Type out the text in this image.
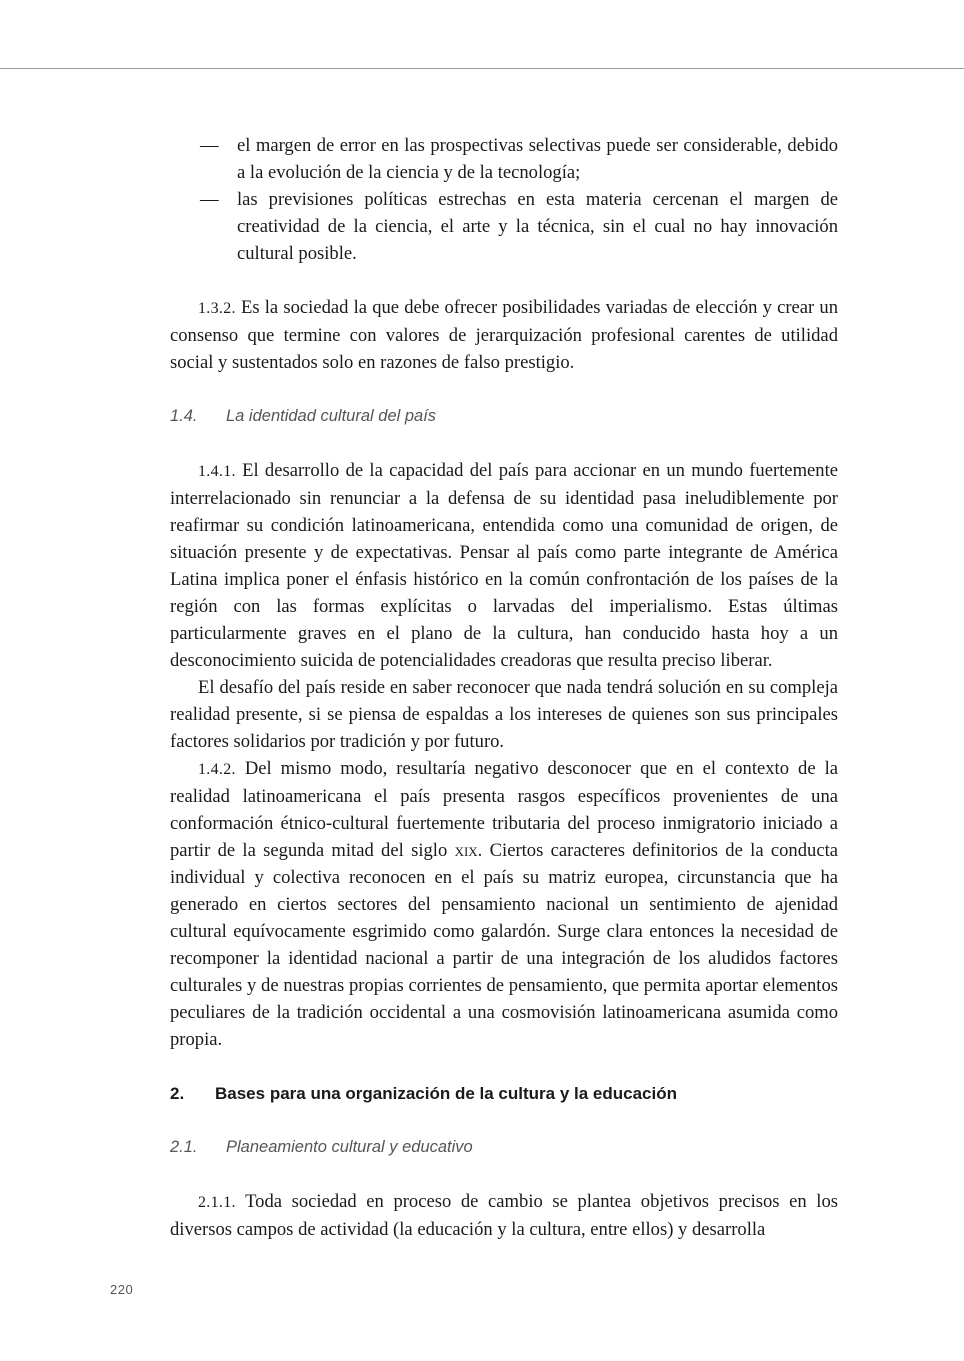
— el margen de error en las prospectivas selectivas puede ser considerable, debido a la evolución de la ciencia y de la tecnología;
— las previsiones políticas estrechas en esta materia cercenan el margen de creatividad de la ciencia, el arte y la técnica, sin el cual no hay innovación cultural posible.

1.3.2. Es la sociedad la que debe ofrecer posibilidades variadas de elección y crear un consenso que termine con valores de jerarquización profesional carentes de utilidad social y sustentados solo en razones de falso prestigio.

1.4. La identidad cultural del país

1.4.1. El desarrollo de la capacidad del país para accionar en un mundo fuertemente interrelacionado sin renunciar a la defensa de su identidad pasa ineludiblemente por reafirmar su condición latinoamericana, entendida como una comunidad de origen, de situación presente y de expectativas. Pensar al país como parte integrante de América Latina implica poner el énfasis histórico en la común confrontación de los países de la región con las formas explícitas o larvadas del imperialismo. Estas últimas particularmente graves en el plano de la cultura, han conducido hasta hoy a un desconocimiento suicida de potencialidades creadoras que resulta preciso liberar.

El desafío del país reside en saber reconocer que nada tendrá solución en su compleja realidad presente, si se piensa de espaldas a los intereses de quienes son sus principales factores solidarios por tradición y por futuro.

1.4.2. Del mismo modo, resultaría negativo desconocer que en el contexto de la realidad latinoamericana el país presenta rasgos específicos provenientes de una conformación étnico-cultural fuertemente tributaria del proceso inmigratorio iniciado a partir de la segunda mitad del siglo xix. Ciertos caracteres definitorios de la conducta individual y colectiva reconocen en el país su matriz europea, circunstancia que ha generado en ciertos sectores del pensamiento nacional un sentimiento de ajenidad cultural equívocamente esgrimido como galardón. Surge clara entonces la necesidad de recomponer la identidad nacional a partir de una integración de los aludidos factores culturales y de nuestras propias corrientes de pensamiento, que permita aportar elementos peculiares de la tradición occidental a una cosmovisión latinoamericana asumida como propia.

2. Bases para una organización de la cultura y la educación

2.1. Planeamiento cultural y educativo

2.1.1. Toda sociedad en proceso de cambio se plantea objetivos precisos en los diversos campos de actividad (la educación y la cultura, entre ellos) y desarrolla

220
